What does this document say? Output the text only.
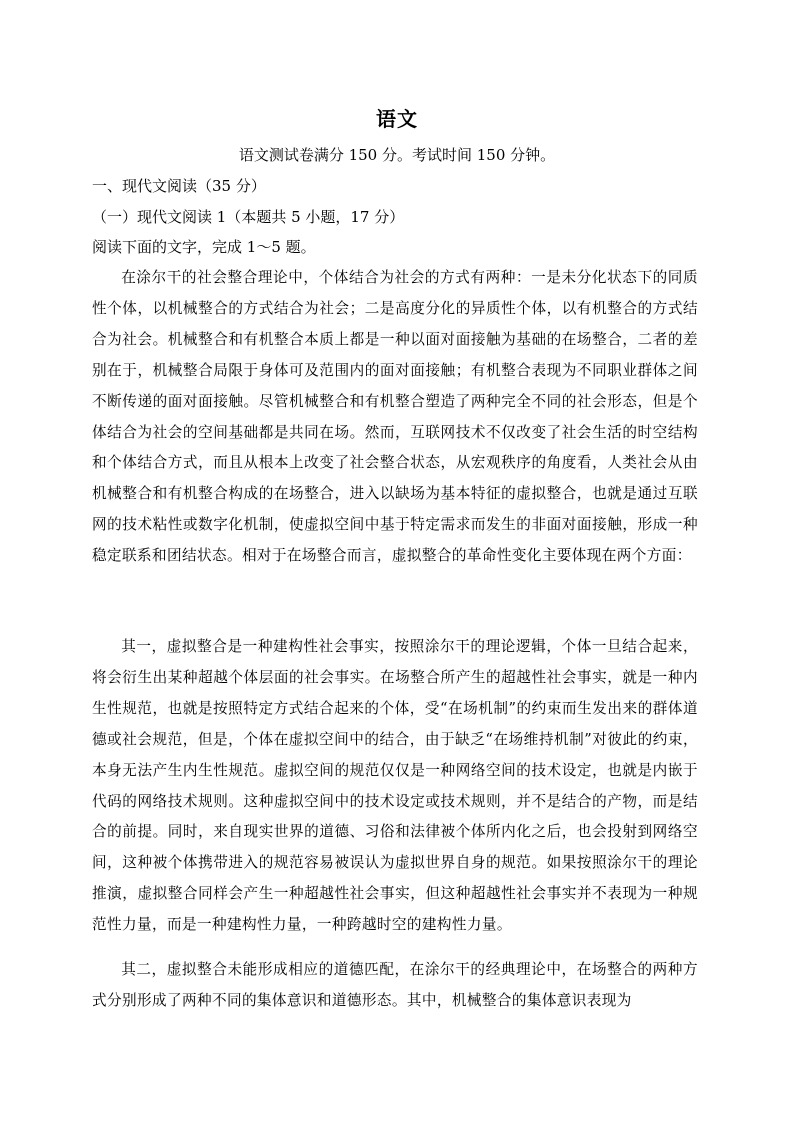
语文
语文测试卷满分 150 分。考试时间 150 分钟。
一、现代文阅读（35 分）
（一）现代文阅读 1（本题共 5 小题，17 分）
阅读下面的文字，完成 1～5 题。
在涂尔干的社会整合理论中，个体结合为社会的方式有两种：一是未分化状态下的同质性个体，以机械整合的方式结合为社会；二是高度分化的异质性个体，以有机整合的方式结合为社会。机械整合和有机整合本质上都是一种以面对面接触为基础的在场整合，二者的差别在于，机械整合局限于身体可及范围内的面对面接触；有机整合表现为不同职业群体之间不断传递的面对面接触。尽管机械整合和有机整合塑造了两种完全不同的社会形态，但是个体结合为社会的空间基础都是共同在场。然而，互联网技术不仅改变了社会生活的时空结构和个体结合方式，而且从根本上改变了社会整合状态，从宏观秩序的角度看，人类社会从由机械整合和有机整合构成的在场整合，进入以缺场为基本特征的虚拟整合，也就是通过互联网的技术粘性或数字化机制，使虚拟空间中基于特定需求而发生的非面对面接触，形成一种稳定联系和团结状态。相对于在场整合而言，虚拟整合的革命性变化主要体现在两个方面：
其一，虚拟整合是一种建构性社会事实，按照涂尔干的理论逻辑，个体一旦结合起来，将会衍生出某种超越个体层面的社会事实。在场整合所产生的超越性社会事实，就是一种内生性规范，也就是按照特定方式结合起来的个体，受“在场机制”的约束而生发出来的群体道德或社会规范，但是，个体在虚拟空间中的结合，由于缺乏“在场维持机制”对彼此的约束，本身无法产生内生性规范。虚拟空间的规范仅仅是一种网络空间的技术设定，也就是内嵌于代码的网络技术规则。这种虚拟空间中的技术设定或技术规则，并不是结合的产物，而是结合的前提。同时，来自现实世界的道德、习俗和法律被个体所内化之后，也会投射到网络空间，这种被个体携带进入的规范容易被误认为虚拟世界自身的规范。如果按照涂尔干的理论推演，虚拟整合同样会产生一种超越性社会事实，但这种超越性社会事实并不表现为一种规范性力量，而是一种建构性力量，一种跨越时空的建构性力量。
其二，虚拟整合未能形成相应的道德匹配，在涂尔干的经典理论中，在场整合的两种方式分别形成了两种不同的集体意识和道德形态。其中，机械整合的集体意识表现为
